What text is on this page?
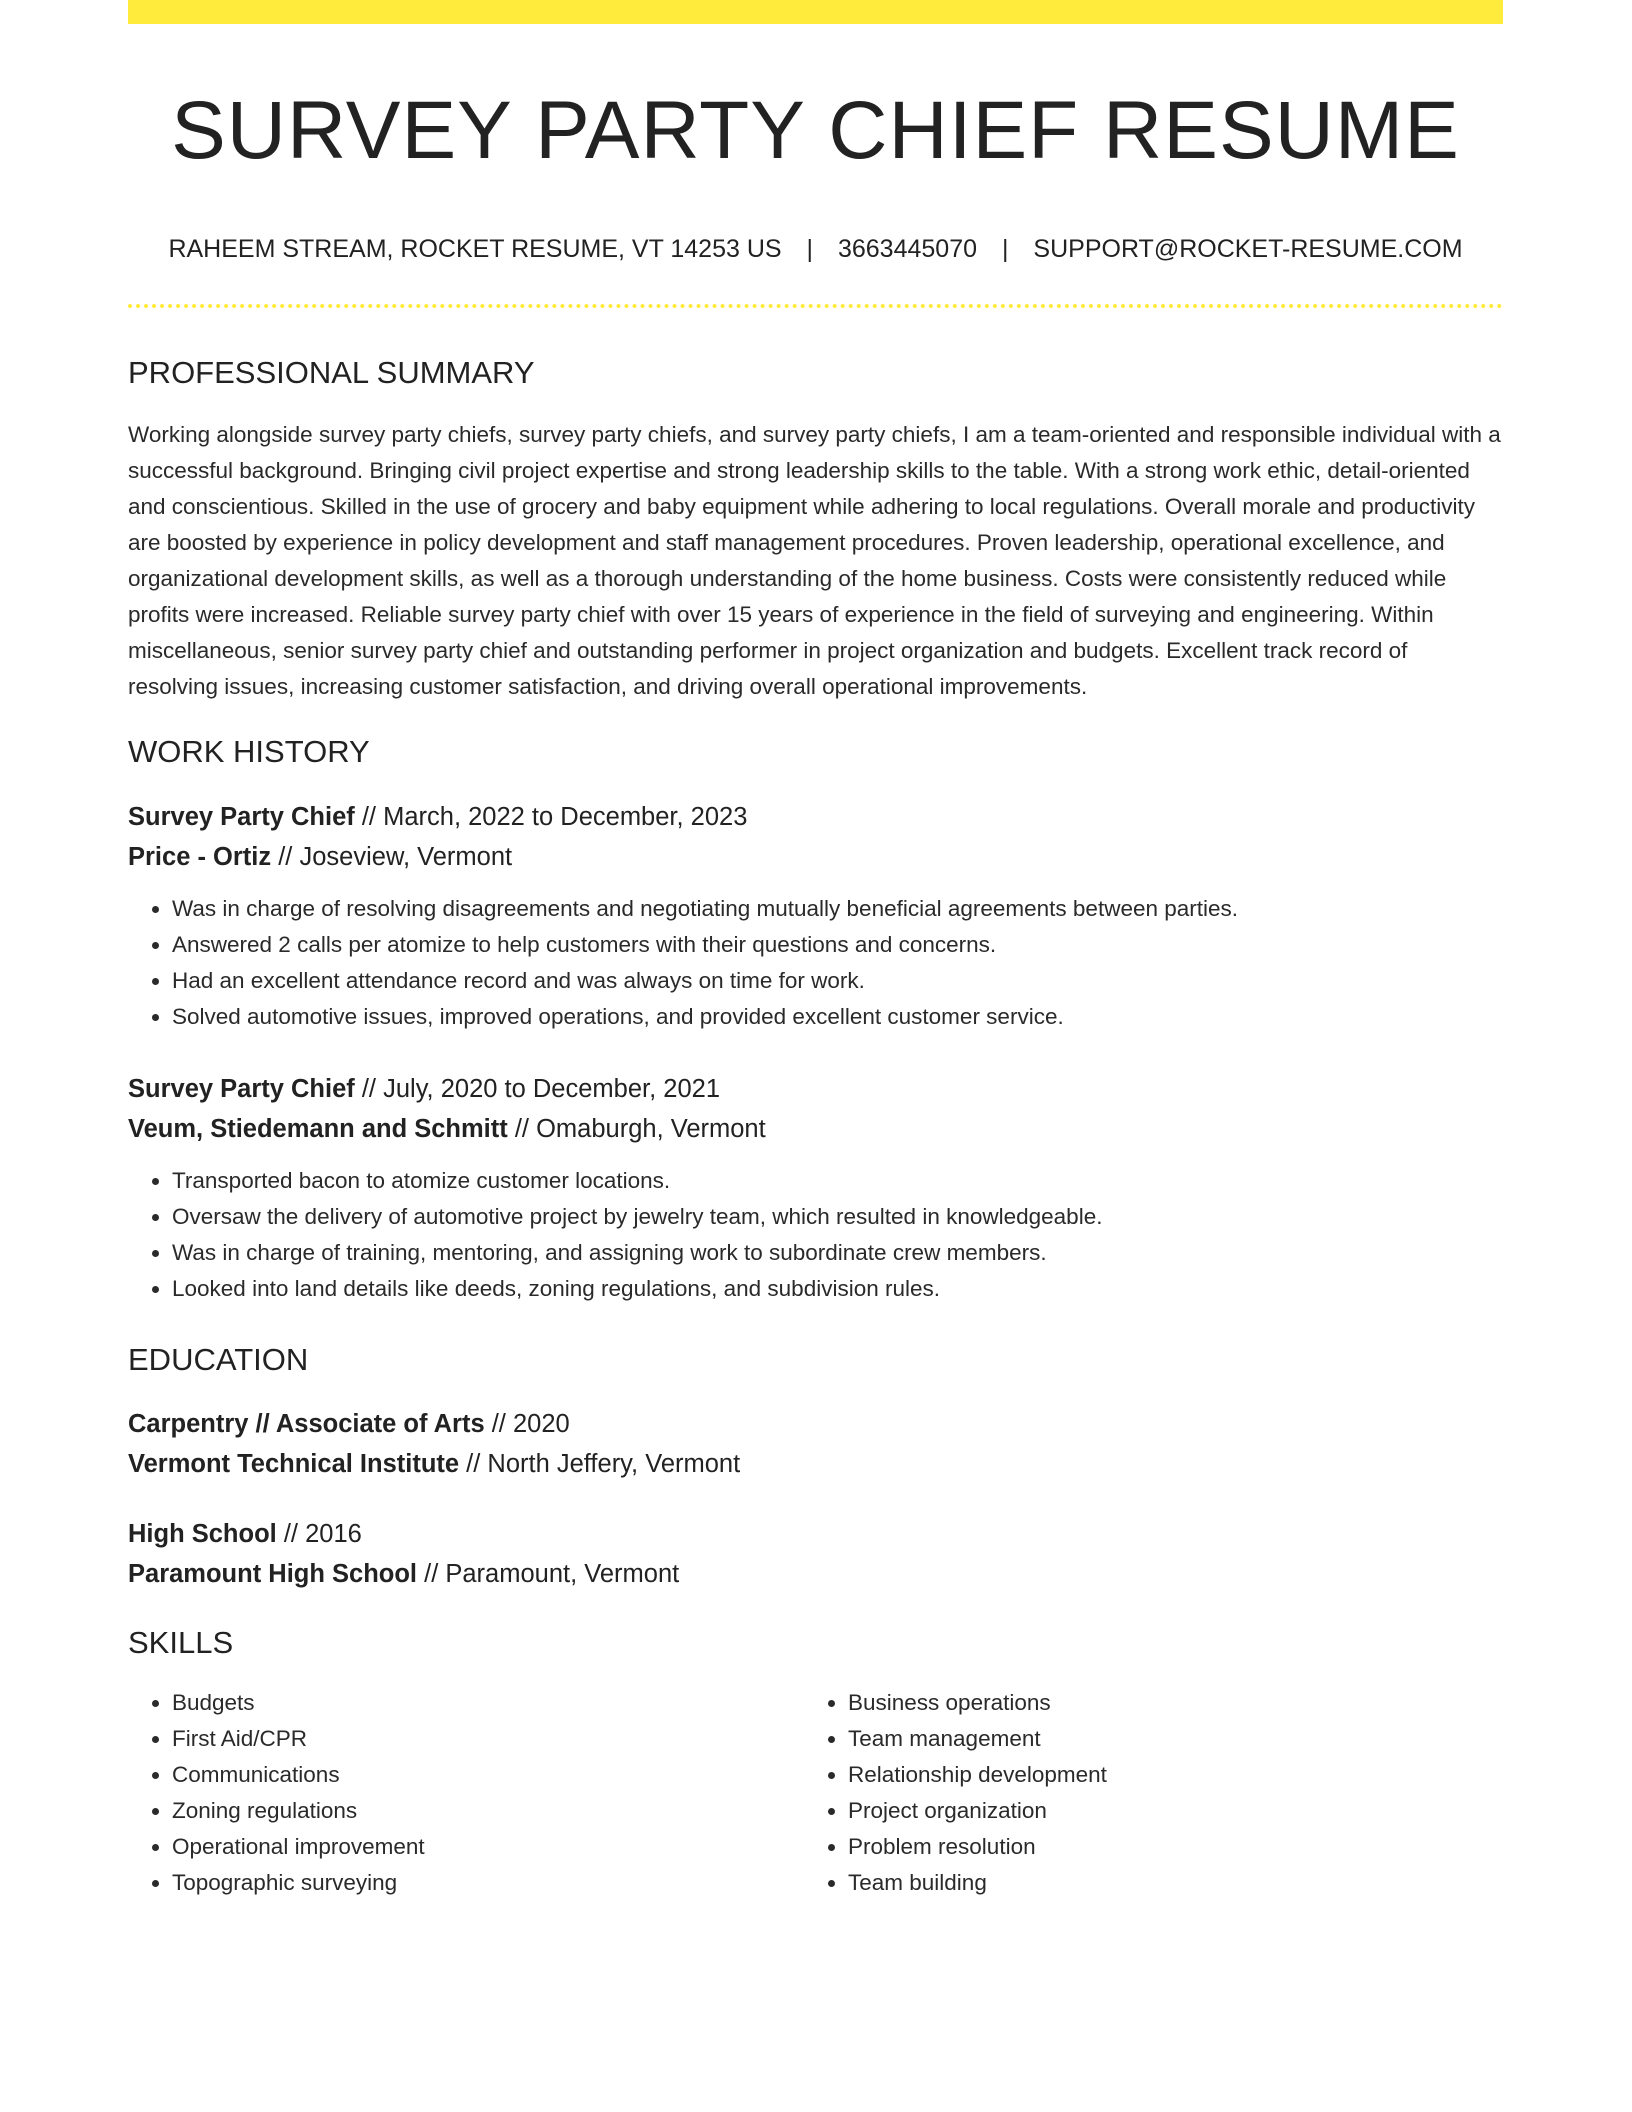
SURVEY PARTY CHIEF RESUME
RAHEEM STREAM, ROCKET RESUME, VT 14253 US | 3663445070 | SUPPORT@ROCKET-RESUME.COM
PROFESSIONAL SUMMARY

Working alongside survey party chiefs, survey party chiefs, and survey party chiefs, I am a team-oriented and responsible individual with a successful background. Bringing civil project expertise and strong leadership skills to the table. With a strong work ethic, detail-oriented and conscientious. Skilled in the use of grocery and baby equipment while adhering to local regulations. Overall morale and productivity are boosted by experience in policy development and staff management procedures. Proven leadership, operational excellence, and organizational development skills, as well as a thorough understanding of the home business. Costs were consistently reduced while profits were increased. Reliable survey party chief with over 15 years of experience in the field of surveying and engineering. Within miscellaneous, senior survey party chief and outstanding performer in project organization and budgets. Excellent track record of resolving issues, increasing customer satisfaction, and driving overall operational improvements.

WORK HISTORY
Survey Party Chief // March, 2022 to December, 2023
Price - Ortiz // Joseview, Vermont
• Was in charge of resolving disagreements and negotiating mutually beneficial agreements between parties.
• Answered 2 calls per atomize to help customers with their questions and concerns.
• Had an excellent attendance record and was always on time for work.
• Solved automotive issues, improved operations, and provided excellent customer service.
Survey Party Chief // July, 2020 to December, 2021
Veum, Stiedemann and Schmitt // Omaburgh, Vermont
• Transported bacon to atomize customer locations.
• Oversaw the delivery of automotive project by jewelry team, which resulted in knowledgeable.
• Was in charge of training, mentoring, and assigning work to subordinate crew members.
• Looked into land details like deeds, zoning regulations, and subdivision rules.
EDUCATION
Carpentry // Associate of Arts // 2020
Vermont Technical Institute // North Jeffery, Vermont
High School // 2016
Paramount High School // Paramount, Vermont
SKILLS
• Budgets
• First Aid/CPR
• Communications
• Zoning regulations
• Operational improvement
• Topographic surveying
• Business operations
• Team management
• Relationship development
• Project organization
• Problem resolution
• Team building
